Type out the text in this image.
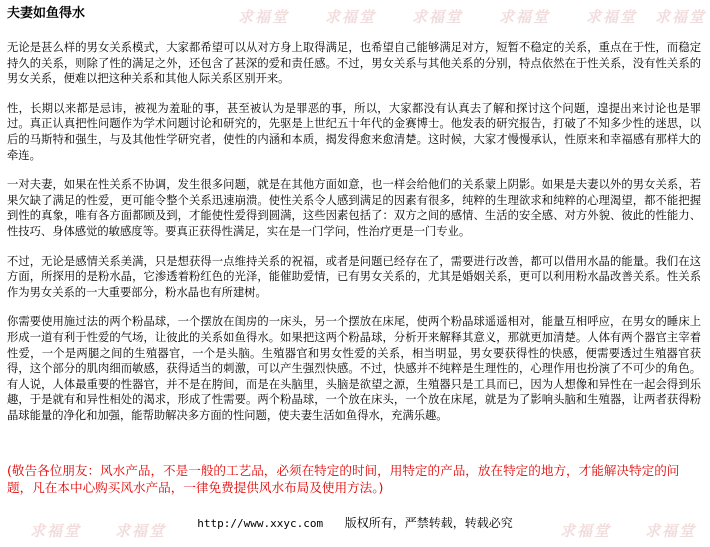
求福堂 求福堂 求福堂 求福堂 求福堂 求福堂
求福堂 求福堂	求福堂 求福堂
夫妻如鱼得水

无论是甚么样的男女关系模式，大家都希望可以从对方身上取得满足，也希望自己能够满足对方，短暂不稳定的关系，重点在于性，而稳定持久的关系，则除了性的满足之外，还包含了甚深的爱和责任感。不过，男女关系与其他关系的分别，特点依然在于性关系，没有性关系的男女关系，便难以把这种关系和其他人际关系区别开来。

性，长期以来都是忌讳，被视为羞耻的事，甚至被认为是罪恶的事，所以，大家都没有认真去了解和探讨这个问题，遑提出来讨论也是罪过。真正认真把性问题作为学术问题讨论和研究的，先驱是上世纪五十年代的金赛博士。他发表的研究报告，打破了不知多少性的迷思，以后的马斯特和强生，与及其他性学研究者，使性的内涵和本质，揭发得愈来愈清楚。这时候，大家才慢慢承认，性原来和幸福感有那样大的牵连。

一对夫妻，如果在性关系不协调，发生很多问题，就是在其他方面如意，也一样会给他们的关系蒙上阴影。如果是夫妻以外的男女关系，若果欠缺了满足的性爱，更可能令整个关系迅速崩溃。使性关系令人感到满足的因素有很多，纯粹的生理欲求和纯粹的心理渴望，都不能把握到性的真象，唯有各方面都顾及到，才能使性爱得到圆满，这些因素包括了：双方之间的感情、生活的安全感、对方外貌、彼此的性能力、性技巧、身体感觉的敏感度等。要真正获得性满足，实在是一门学问，性治疗更是一门专业。

不过，无论是感情关系美满，只是想获得一点维持关系的祝福，或者是问题已经存在了，需要进行改善，都可以借用水晶的能量。我们在这方面，所探用的是粉水晶，它渗透着粉红色的光泽，能催助爱情，已有男女关系的，尤其是婚姻关系，更可以利用粉水晶改善关系。性关系作为男女关系的一大重要部分，粉水晶也有所建树。

你需要使用施过法的两个粉晶球，一个摆放在闺房的一床头，另一个摆放在床尾，使两个粉晶球遥遥相对，能量互相呼应，在男女的睡床上形成一道有利于性爱的气场，让彼此的关系如鱼得水。如果把这两个粉晶球，分析开来解释其意义，那就更加清楚。人体有两个器官主宰着性爱，一个是两腿之间的生殖器官，一个是头脑。生殖器官和男女性爱的关系，相当明显，男女要获得性的快感，便需要透过生殖器官获得，这个部分的肌肉细而敏感，获得适当的刺激，可以产生强烈快感。不过，快感并不纯粹是生理性的，心理作用也扮演了不可少的角色。有人说，人体最重要的性器官，并不是在胯间，而是在头脑里，头脑是欲望之源，生殖器只是工具而已，因为人想像和异性在一起会得到乐趣，于是就有和异性相处的渴求，形成了性需要。两个粉晶球，一个放在床头，一个放在床尾，就是为了影响头脑和生殖器，让两者获得粉晶球能量的净化和加强，能帮助解决多方面的性问题，使夫妻生活如鱼得水，充满乐趣。

(敬告各位朋友：风水产品，不是一般的工艺品，必须在特定的时间，用特定的产品，放在特定的地方，才能解决特定的问题，凡在本中心购买风水产品，一律免费提供风水布局及使用方法。)

http://www.xxyc.com 版权所有，严禁转载，转载必究
